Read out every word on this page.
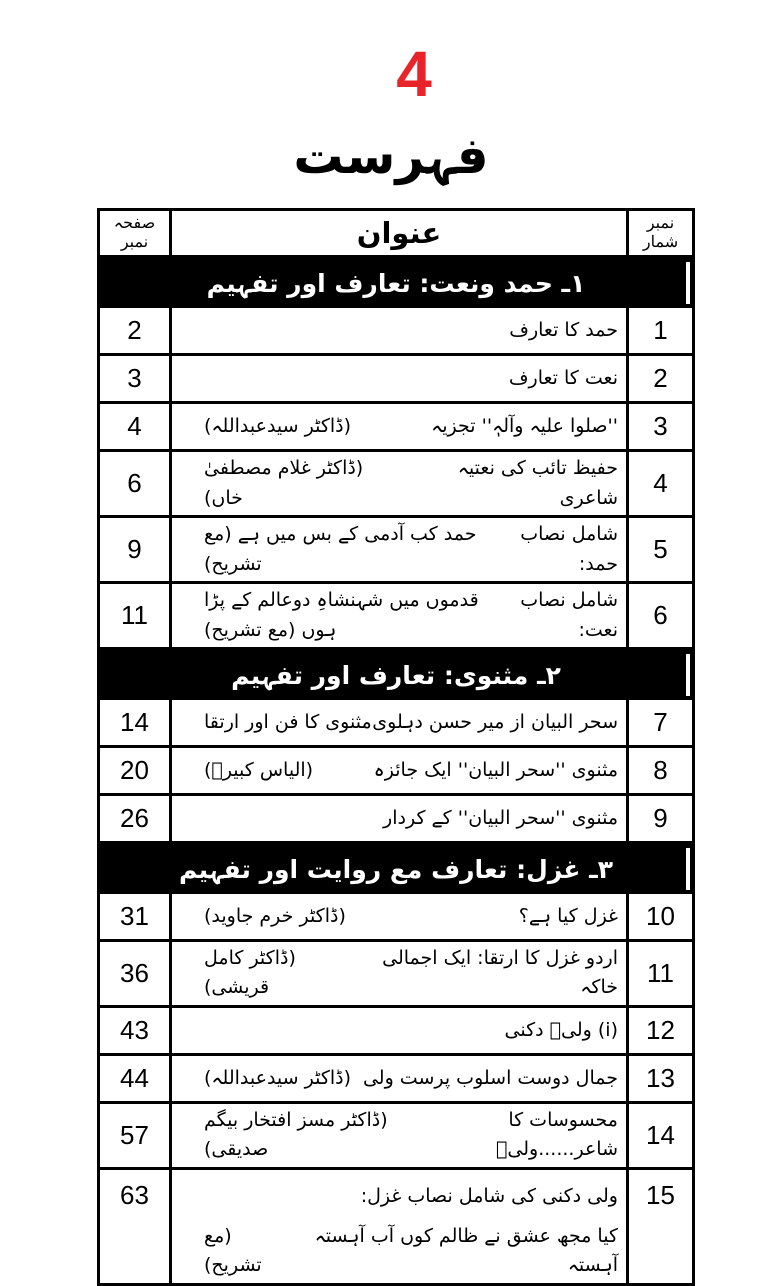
4
فہرست
نمبر شمار
عنوان
صفحہ نمبر
۱ـ حمد ونعت: تعارف اور تفہیم
1
حمد کا تعارف
2
2
نعت کا تعارف
3
3
''صلوا علیہ وآلہٖ'' تجزیہ
(ڈاکٹر سیدعبداللہ)
4
4
حفیظ تائب کی نعتیہ شاعری
(ڈاکٹر غلام مصطفیٰ خاں)
6
5
شامل نصاب حمد:
حمد کب آدمی کے بس میں ہے (مع تشریح)
9
6
شامل نصاب نعت:
قدموں میں شہنشاہِ دوعالم کے پڑا ہوں (مع تشریح)
11
۲ـ مثنوی: تعارف اور تفہیم
7
سحر البیان از میر حسن دہلوی
مثنوی کا فن اور ارتقا
14
8
مثنوی ''سحر البیان'' ایک جائزہ
(الیاس کبیرؔ)
20
9
مثنوی ''سحر البیان'' کے کردار
26
۳ـ غزل: تعارف مع روایت اور تفہیم
10
غزل کیا ہے؟
(ڈاکٹر خرم جاوید)
31
11
اردو غزل کا ارتقا: ایک اجمالی خاکہ
(ڈاکٹر کامل قریشی)
36
12
(i) ولیؔ دکنی
43
13
جمال دوست اسلوب پرست ولی
(ڈاکٹر سیدعبداللہ)
44
14
محسوسات کا شاعر......ولیؔ
(ڈاکٹر مسز افتخار بیگم صدیقی)
57
15
ولی دکنی کی شامل نصاب غزل:
کیا مجھ عشق نے ظالم کوں آب آہستہ آہستہ
(مع تشریح)
63
